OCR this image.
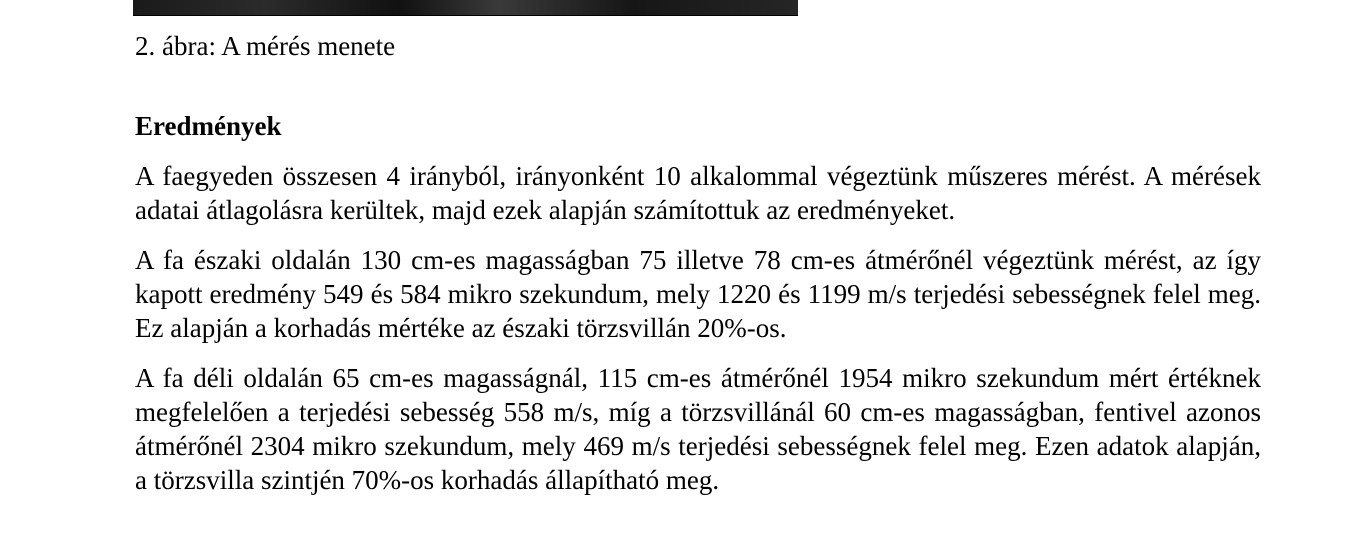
2. ábra: A mérés menete
Eredmények

A faegyeden összesen 4 irányból, irányonként 10 alkalommal végeztünk műszeres mérést. A mérések adatai átlagolásra kerültek, majd ezek alapján számítottuk az eredményeket.

A fa északi oldalán 130 cm-es magasságban 75 illetve 78 cm-es átmérőnél végeztünk mérést, az így kapott eredmény 549 és 584 mikro szekundum, mely 1220 és 1199 m/s terjedési sebességnek felel meg. Ez alapján a korhadás mértéke az északi törzsvillán 20%-os.

A fa déli oldalán 65 cm-es magasságnál, 115 cm-es átmérőnél 1954 mikro szekundum mért értéknek megfelelően a terjedési sebesség 558 m/s, míg a törzsvillánál 60 cm-es magasságban, fentivel azonos átmérőnél 2304 mikro szekundum, mely 469 m/s terjedési sebességnek felel meg. Ezen adatok alapján, a törzsvilla szintjén 70%-os korhadás állapítható meg.
